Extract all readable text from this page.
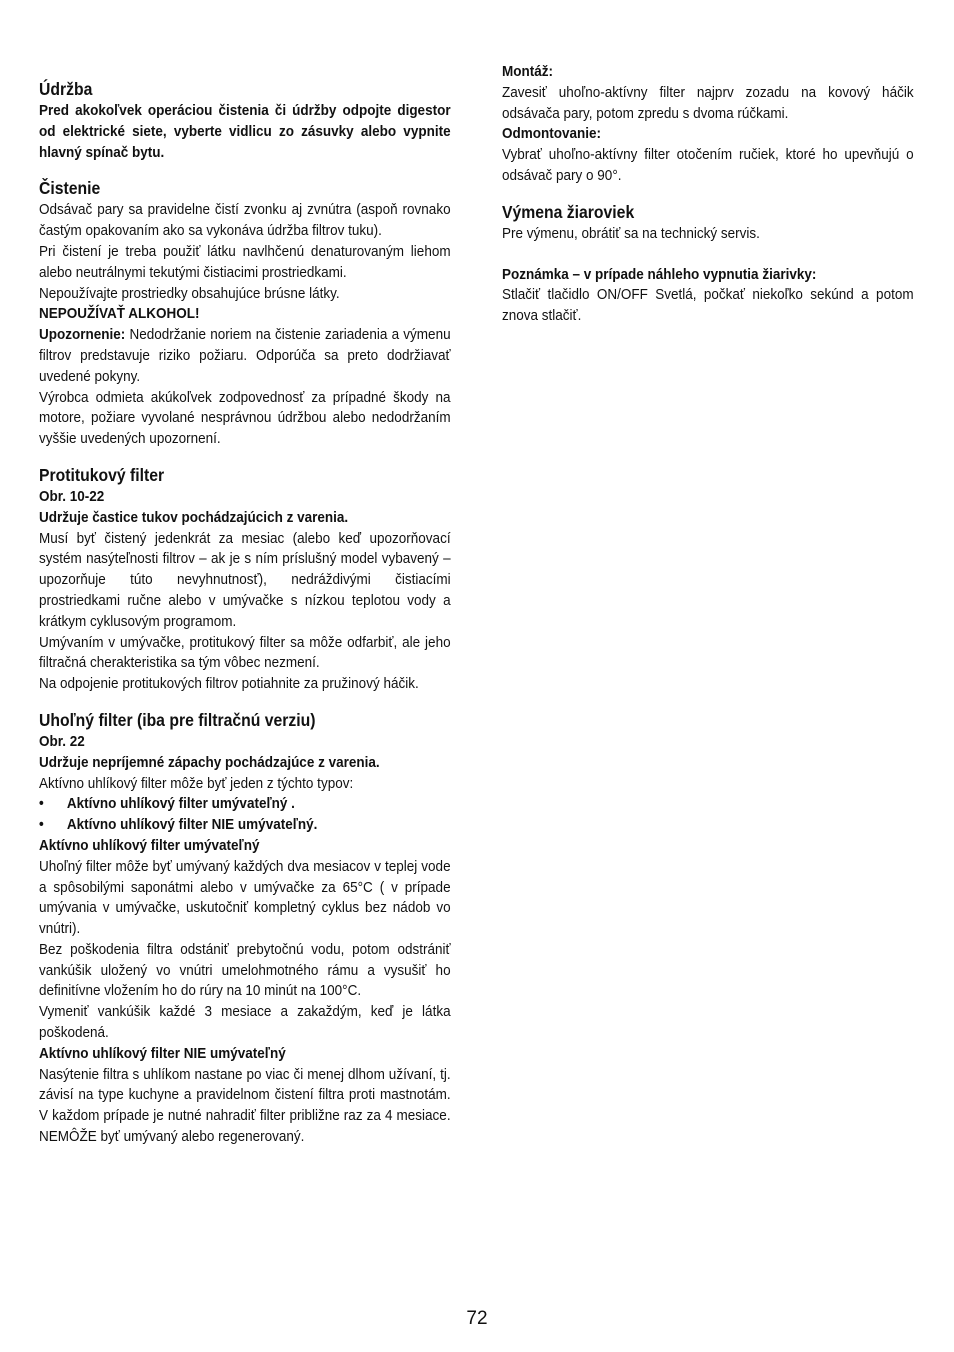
Údržba

Pred akokoľvek operáciou čistenia či údržby odpojte digestor od elektrické siete, vyberte vidlicu zo zásuvky alebo vypnite hlavný spínač bytu.

Čistenie

Odsávač pary sa pravidelne čistí zvonku aj zvnútra (aspoň rovnako častým opakovaním ako sa vykonáva údržba filtrov tuku).

Pri čistení je treba použiť látku navlhčenú denaturovaným liehom alebo neutrálnymi tekutými čistiacimi prostriedkami.

Nepoužívajte prostriedky obsahujúce brúsne látky.

NEPOUŽÍVAŤ ALKOHOL!

Upozornenie: Nedodržanie noriem na čistenie zariadenia a výmenu filtrov predstavuje riziko požiaru. Odporúča sa preto dodržiavať uvedené pokyny.

Výrobca odmieta akúkoľvek zodpovednosť za prípadné škody na motore, požiare vyvolané nesprávnou údržbou alebo nedodržaním vyššie uvedených upozornení.

Protitukový filter

Obr. 10-22

Udržuje častice tukov pochádzajúcich z varenia.

Musí byť čistený jedenkrát za mesiac (alebo keď upozorňovací systém nasýteľnosti filtrov – ak je s ním príslušný model vybavený – upozorňuje túto nevyhnutnosť), nedráždivými čistiacími prostriedkami ručne alebo v umývačke s nízkou teplotou vody a krátkym cyklusovým programom.

Umývaním v umývačke, protitukový filter sa môže odfarbiť, ale jeho filtračná cherakteristika sa tým vôbec nezmení.

Na odpojenie protitukových filtrov potiahnite za pružinový háčik.

Uhoľný filter (iba pre filtračnú verziu)

Obr. 22

Udržuje nepríjemné zápachy pochádzajúce z varenia.

Aktívno uhlíkový filter môže byť jeden z týchto typov:

•	Aktívno uhlíkový filter umývateľný .

•	Aktívno uhlíkový filter NIE umývateľný.

Aktívno uhlíkový filter umývateľný

Uhoľný filter môže byť umývaný každých dva mesiacov v teplej vode a spôsobilými saponátmi alebo v umývačke za 65°C ( v prípade umývania v umývačke, uskutočniť kompletný cyklus bez nádob vo vnútri).

Bez poškodenia filtra odstániť prebytočnú vodu, potom odstrániť vankúšik uložený vo vnútri umelohmotného rámu a vysušiť ho definitívne vložením ho do rúry na 10 minút na 100°C.

Vymeniť vankúšik každé 3 mesiace a zakaždým, keď je látka poškodená.

Aktívno uhlíkový filter NIE umývateľný

Nasýtenie filtra s uhlíkom nastane po viac či menej dlhom užívaní, tj. závisí na type kuchyne a pravidelnom čistení filtra proti mastnotám. V každom prípade je nutné nahradiť filter približne raz za 4 mesiace. NEMÔŽE byť umývaný alebo regenerovaný.

Montáž:

Zavesiť uhoľno-aktívny filter najprv zozadu na kovový háčik odsávača pary, potom zpredu s dvoma rúčkami.

Odmontovanie:

Vybrať uhoľno-aktívny filter otočením ručiek, ktoré ho upevňujú o odsávač pary o 90°.

Výmena žiaroviek

Pre výmenu, obrátiť sa na technický servis.

Poznámka – v prípade náhleho vypnutia žiarivky:

Stlačiť tlačidlo ON/OFF Svetlá, počkať niekoľko sekúnd a potom znova stlačiť.

72
